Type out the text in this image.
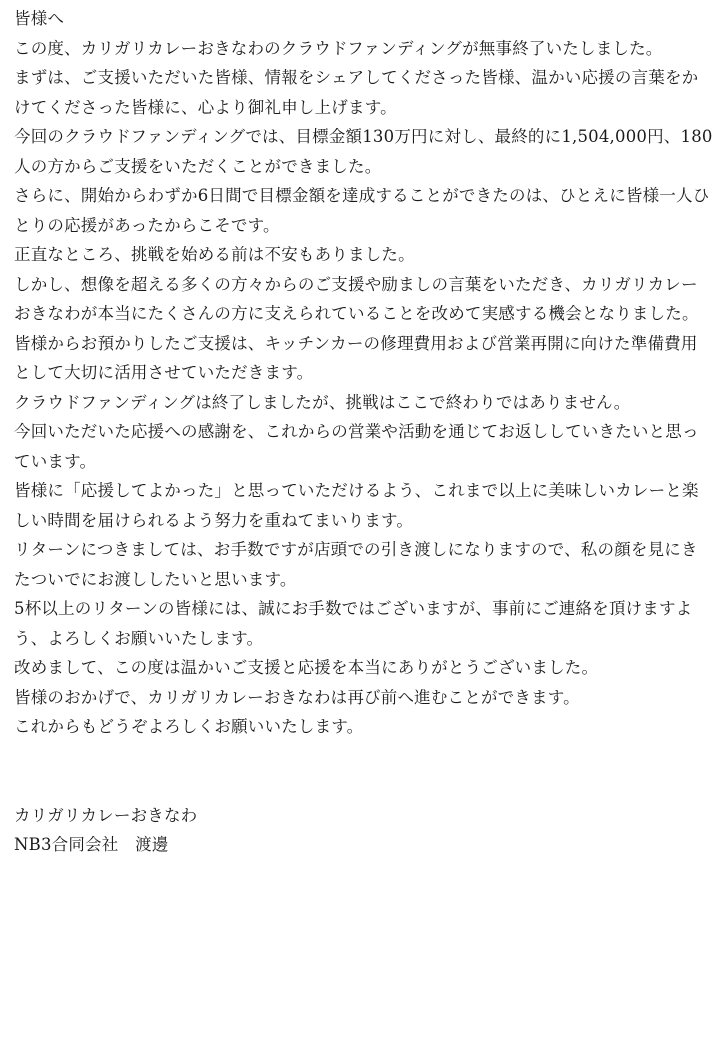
皆様へ

この度、カリガリカレーおきなわのクラウドファンディングが無事終了いたしました。

まずは、ご支援いただいた皆様、情報をシェアしてくださった皆様、温かい応援の言葉をかけてくださった皆様に、心より御礼申し上げます。

今回のクラウドファンディングでは、目標金額130万円に対し、最終的に1,504,000円、180人の方からご支援をいただくことができました。

さらに、開始からわずか6日間で目標金額を達成することができたのは、ひとえに皆様一人ひとりの応援があったからこそです。

正直なところ、挑戦を始める前は不安もありました。

しかし、想像を超える多くの方々からのご支援や励ましの言葉をいただき、カリガリカレーおきなわが本当にたくさんの方に支えられていることを改めて実感する機会となりました。

皆様からお預かりしたご支援は、キッチンカーの修理費用および営業再開に向けた準備費用として大切に活用させていただきます。

クラウドファンディングは終了しましたが、挑戦はここで終わりではありません。

今回いただいた応援への感謝を、これからの営業や活動を通じてお返ししていきたいと思っています。

皆様に「応援してよかった」と思っていただけるよう、これまで以上に美味しいカレーと楽しい時間を届けられるよう努力を重ねてまいります。

リターンにつきましては、お手数ですが店頭での引き渡しになりますので、私の顔を見にきたついでにお渡ししたいと思います。

5杯以上のリターンの皆様には、誠にお手数ではございますが、事前にご連絡を頂けますよう、よろしくお願いいたします。

改めまして、この度は温かいご支援と応援を本当にありがとうございました。

皆様のおかげで、カリガリカレーおきなわは再び前へ進むことができます。

これからもどうぞよろしくお願いいたします。

カリガリカレーおきなわ

NB3合同会社　渡邊
